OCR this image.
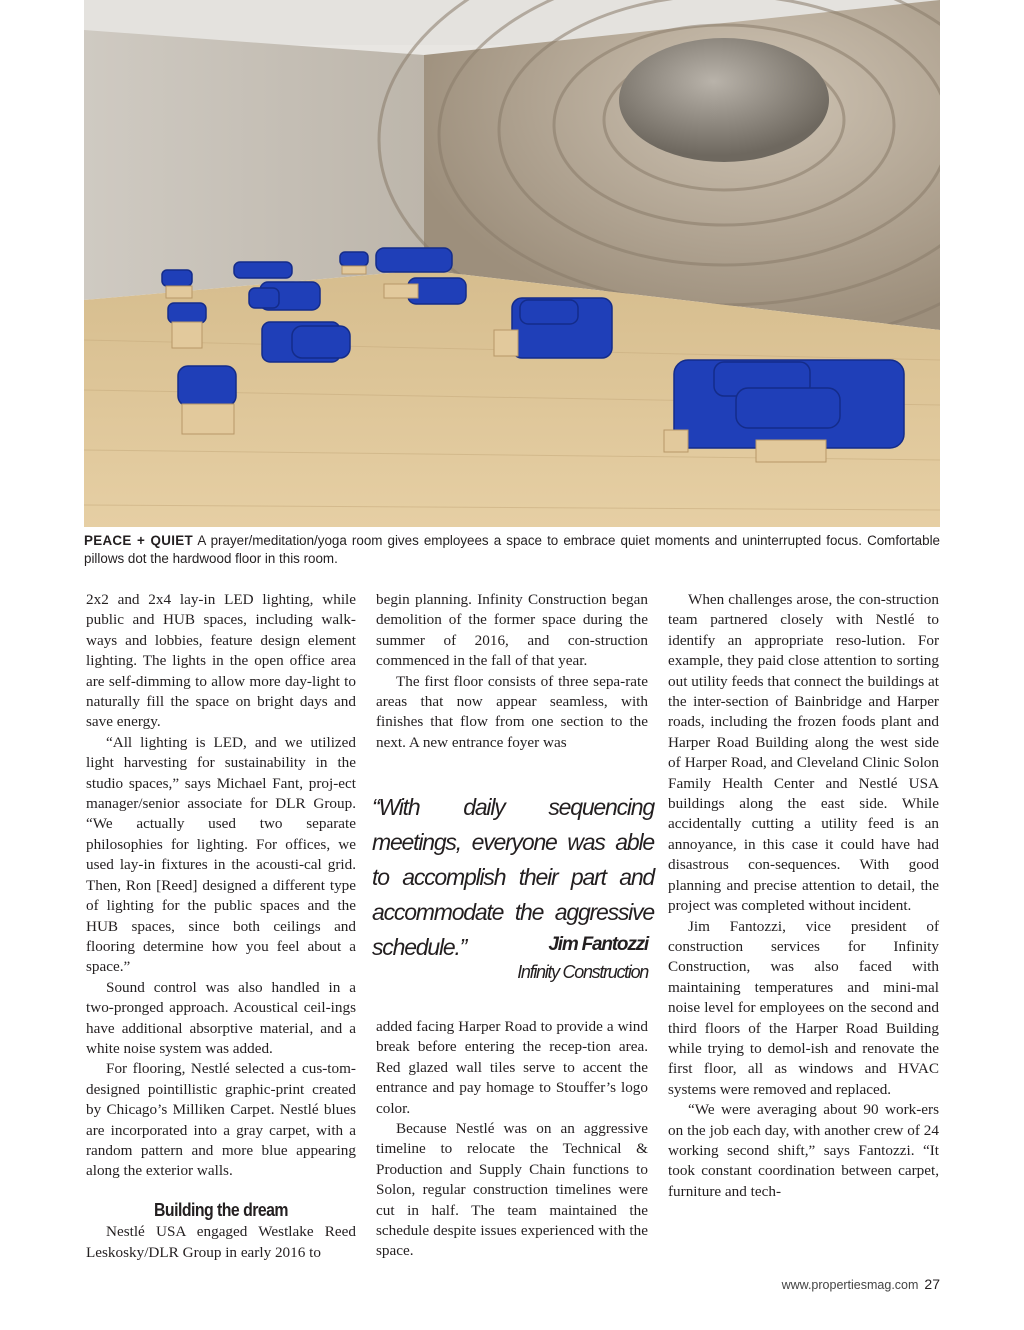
PEACE + QUIET A prayer/meditation/yoga room gives employees a space to embrace quiet moments and uninterrupted focus. Comfortable pillows dot the hardwood floor in this room.

2x2 and 2x4 lay-in LED lighting, while public and HUB spaces, including walk-ways and lobbies, feature design element lighting. The lights in the open office area are self-dimming to allow more day-light to naturally fill the space on bright days and save energy.

“All lighting is LED, and we utilized light harvesting for sustainability in the studio spaces,” says Michael Fant, proj-ect manager/senior associate for DLR Group. “We actually used two separate philosophies for lighting. For offices, we used lay-in fixtures in the acousti-cal grid. Then, Ron [Reed] designed a different type of lighting for the public spaces and the HUB spaces, since both ceilings and flooring determine how you feel about a space.”

Sound control was also handled in a two-pronged approach. Acoustical ceil-ings have additional absorptive material, and a white noise system was added.

For flooring, Nestlé selected a cus-tom-designed pointillistic graphic-print created by Chicago’s Milliken Carpet. Nestlé blues are incorporated into a gray carpet, with a random pattern and more blue appearing along the exterior walls.

Building the dream

Nestlé USA engaged Westlake Reed Leskosky/DLR Group in early 2016 to

begin planning. Infinity Construction began demolition of the former space during the summer of 2016, and con-struction commenced in the fall of that year.

The first floor consists of three sepa-rate areas that now appear seamless, with finishes that flow from one section to the next. A new entrance foyer was

“With daily sequencing meetings, everyone was able to accomplish their part and accommodate the aggressive schedule.”	Jim Fantozzi
Infinity Construction

added facing Harper Road to provide a wind break before entering the recep-tion area. Red glazed wall tiles serve to accent the entrance and pay homage to Stouffer’s logo color.

Because Nestlé was on an aggressive timeline to relocate the Technical & Production and Supply Chain functions to Solon, regular construction timelines were cut in half. The team maintained the schedule despite issues experienced with the space.

When challenges arose, the con-struction team partnered closely with Nestlé to identify an appropriate reso-lution. For example, they paid close attention to sorting out utility feeds that connect the buildings at the inter-section of Bainbridge and Harper roads, including the frozen foods plant and Harper Road Building along the west side of Harper Road, and Cleveland Clinic Solon Family Health Center and Nestlé USA buildings along the east side. While accidentally cutting a utility feed is an annoyance, in this case it could have had disastrous con-sequences. With good planning and precise attention to detail, the project was completed without incident.

Jim Fantozzi, vice president of construction services for Infinity Construction, was also faced with maintaining temperatures and mini-mal noise level for employees on the second and third floors of the Harper Road Building while trying to demol-ish and renovate the first floor, all as windows and HVAC systems were removed and replaced.

“We were averaging about 90 work-ers on the job each day, with another crew of 24 working second shift,” says Fantozzi. “It took constant coordination between carpet, furniture and tech-

www.propertiesmag.com 27
